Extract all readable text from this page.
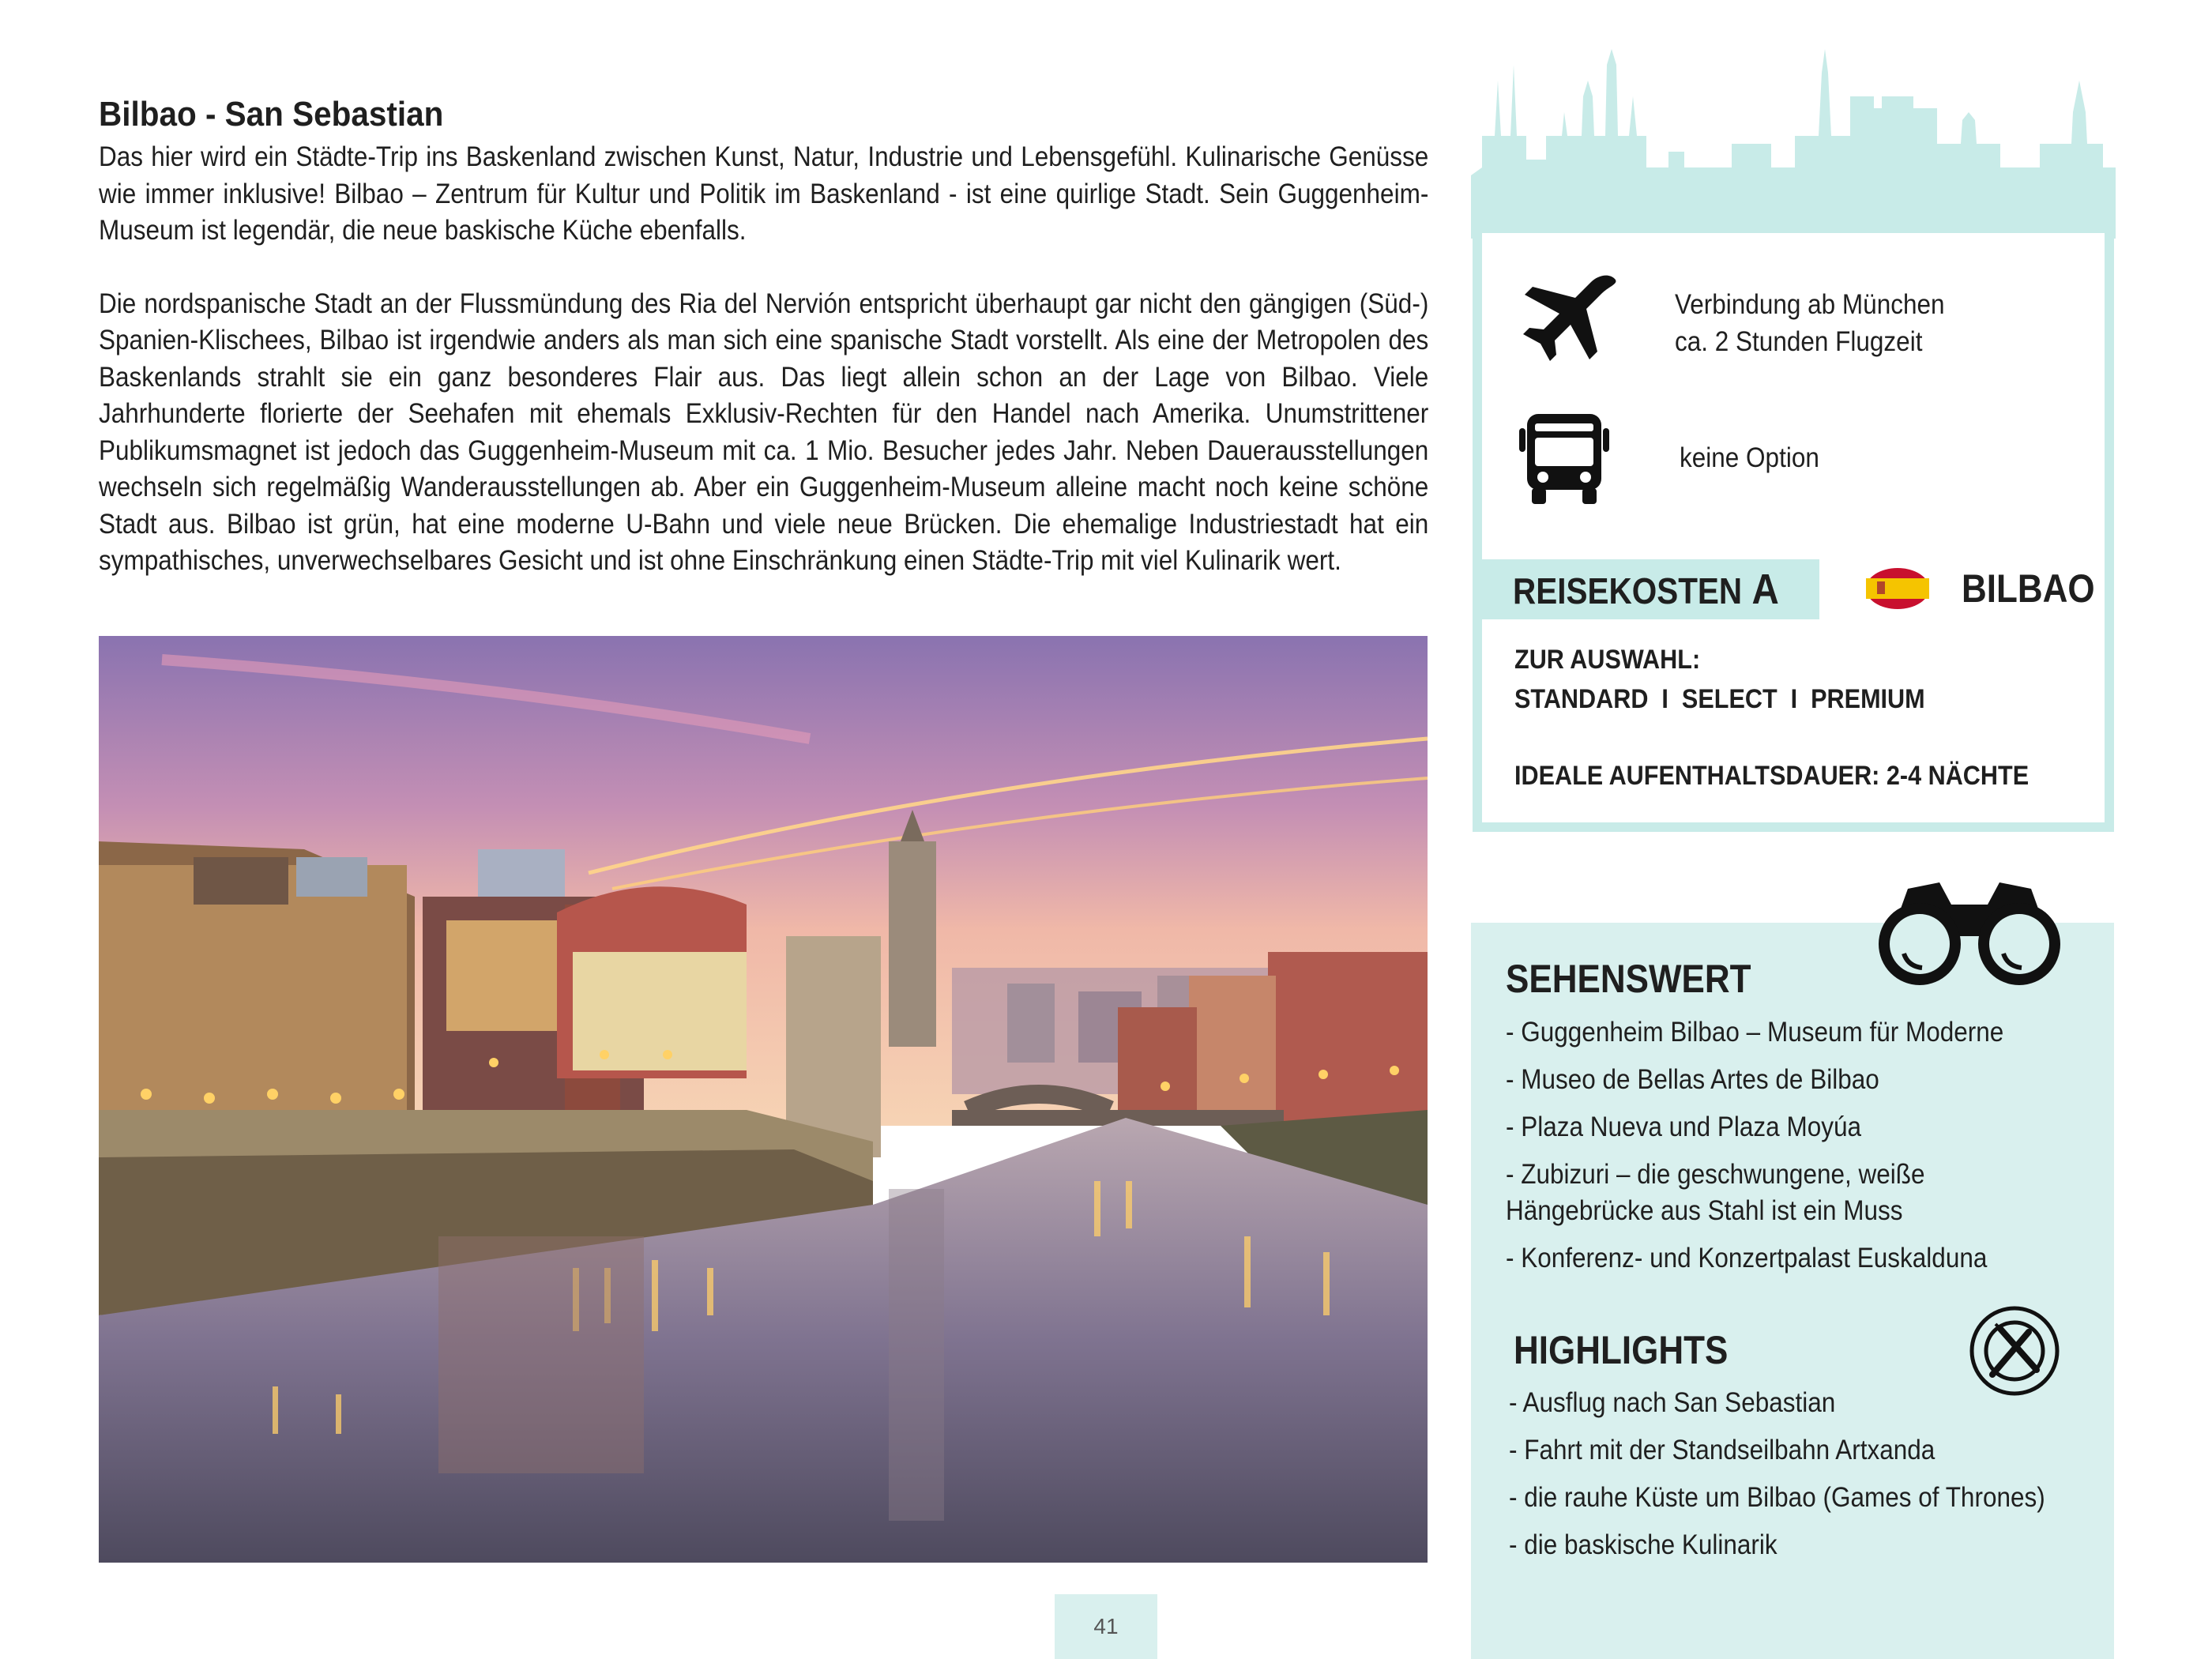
Bilbao - San Sebastian

Das hier wird ein Städte-Trip ins Baskenland zwischen Kunst, Natur, Industrie und Lebensgefühl. Kulinarische Genüsse wie immer inklusive! Bilbao – Zentrum für Kultur und Politik im Baskenland - ist eine quirlige Stadt. Sein Guggenheim-Museum ist legendär, die neue baskische Küche ebenfalls.

Die nordspanische Stadt an der Flussmündung des Ria del Nervión entspricht überhaupt gar nicht den gängigen (Süd-) Spanien-Klischees, Bilbao ist irgendwie anders als man sich eine spanische Stadt vorstellt. Als eine der Metropolen des Baskenlands strahlt sie ein ganz besonderes Flair aus. Das liegt allein schon an der Lage von Bilbao. Viele Jahrhunderte florierte der Seehafen mit ehemals Exklusiv-Rechten für den Handel nach Amerika. Unumstrittener Publikumsmagnet ist jedoch das Guggenheim-Museum mit ca. 1 Mio. Besucher jedes Jahr. Neben Dauerausstellungen wechseln sich regelmäßig Wanderausstellungen ab. Aber ein Guggenheim-Museum alleine macht noch keine schöne Stadt aus. Bilbao ist grün, hat eine moderne U-Bahn und viele neue Brücken. Die ehemalige Industriestadt hat ein sympathisches, unverwechselbares Gesicht und ist ohne Einschränkung einen Städte-Trip mit viel Kulinarik wert.

Verbindung ab München
ca. 2 Stunden Flugzeit
keine Option
REISEKOSTEN A	BILBAO
ZUR AUSWAHL:
STANDARD  I  SELECT  I  PREMIUM
IDEALE AUFENTHALTSDAUER: 2-4 NÄCHTE
SEHENSWERT
- Guggenheim Bilbao – Museum für Moderne
- Museo de Bellas Artes de Bilbao
- Plaza Nueva und Plaza Moyúa
- Zubizuri – die geschwungene, weiße
Hängebrücke aus Stahl ist ein Muss
- Konferenz- und Konzertpalast Euskalduna
HIGHLIGHTS
- Ausflug nach San Sebastian
- Fahrt mit der Standseilbahn Artxanda
- die rauhe Küste um Bilbao (Games of Thrones)
- die baskische Kulinarik
41
